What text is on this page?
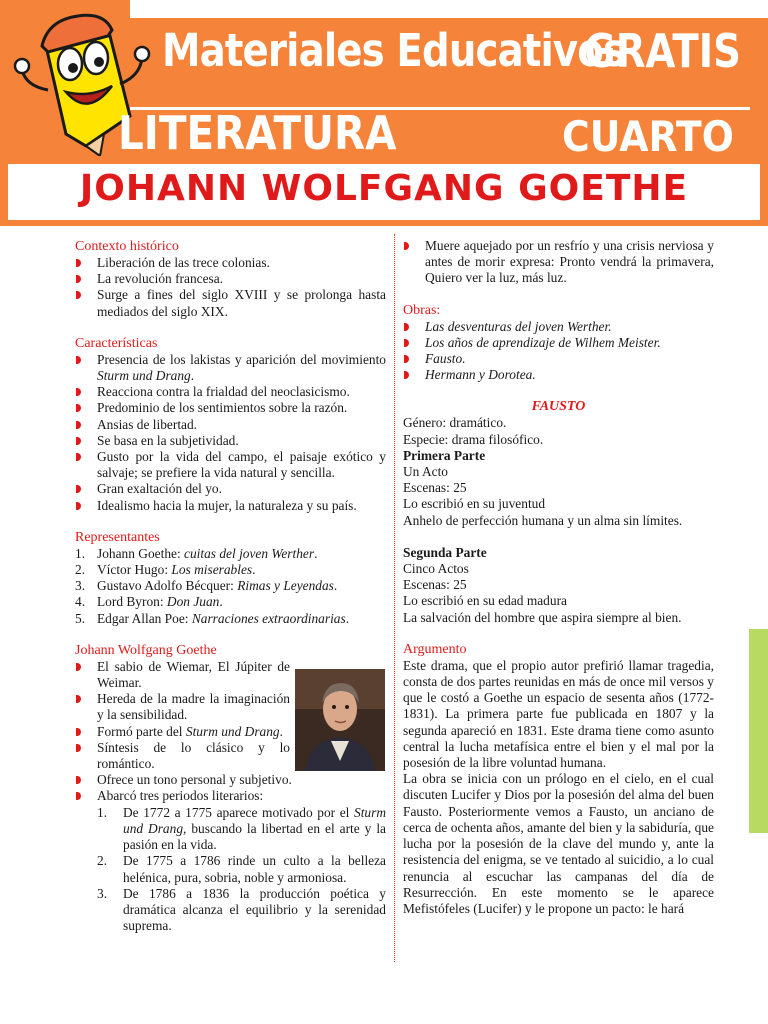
Materiales Educativos
GRATIS
LITERATURA	CUARTO
JOHANN WOLFGANG GOETHE
Contexto histórico
Liberación de las trece colonias.
La revolución francesa.
Surge a fines del siglo XVIII y se prolonga hasta mediados del siglo XIX.
Características
Presencia de los lakistas y aparición del movimiento Sturm und Drang.
Reacciona contra la frialdad del neoclasicismo.
Predominio de los sentimientos sobre la razón.
Ansias de libertad.
Se basa en la subjetividad.
Gusto por la vida del campo, el paisaje exótico y salvaje; se prefiere la vida natural y sencilla.
Gran exaltación del yo.
Idealismo hacia la mujer, la naturaleza y su país.
Representantes
1. Johann Goethe: cuitas del joven Werther.
2. Víctor Hugo: Los miserables.
3. Gustavo Adolfo Bécquer: Rimas y Leyendas.
4. Lord Byron: Don Juan.
5. Edgar Allan Poe: Narraciones extraordinarias.
Johann Wolfgang Goethe
El sabio de Wiemar, El Júpiter de Weimar.
Hereda de la madre la imaginación y la sensibilidad.
Formó parte del Sturm und Drang.
Síntesis de lo clásico y lo romántico.
Ofrece un tono personal y subjetivo.
Abarcó tres periodos literarios:
1. De 1772 a 1775 aparece motivado por el Sturm und Drang, buscando la libertad en el arte y la pasión en la vida.
2. De 1775 a 1786 rinde un culto a la belleza helénica, pura, sobria, noble y armoniosa.
3. De 1786 a 1836 la producción poética y dramática alcanza el equilibrio y la serenidad suprema.
Muere aquejado por un resfrío y una crisis nerviosa y antes de morir expresa: Pronto vendrá la primavera, Quiero ver la luz, más luz.
Obras:
Las desventuras del joven Werther.
Los años de aprendizaje de Wilhem Meister.
Fausto.
Hermann y Dorotea.
FAUSTO

Género: dramático.

Especie: drama filosófico.

Primera Parte

Un Acto

Escenas: 25

Lo escribió en su juventud

Anhelo de perfección humana y un alma sin límites.

Segunda Parte

Cinco Actos

Escenas: 25

Lo escribió en su edad madura

La salvación del hombre que aspira siempre al bien.

Argumento

Este drama, que el propio autor prefirió llamar tragedia, consta de dos partes reunidas en más de once mil versos y que le costó a Goethe un espacio de sesenta años (1772-1831). La primera parte fue publicada en 1807 y la segunda apareció en 1831. Este drama tiene como asunto central la lucha metafísica entre el bien y el mal por la posesión de la libre voluntad humana.

La obra se inicia con un prólogo en el cielo, en el cual discuten Lucifer y Dios por la posesión del alma del buen Fausto. Posteriormente vemos a Fausto, un anciano de cerca de ochenta años, amante del bien y la sabiduría, que lucha por la posesión de la clave del mundo y, ante la resistencia del enigma, se ve tentado al suicidio, a lo cual renuncia al escuchar las campanas del día de Resurrección. En este momento se le aparece Mefistófeles (Lucifer) y le propone un pacto: le hará
